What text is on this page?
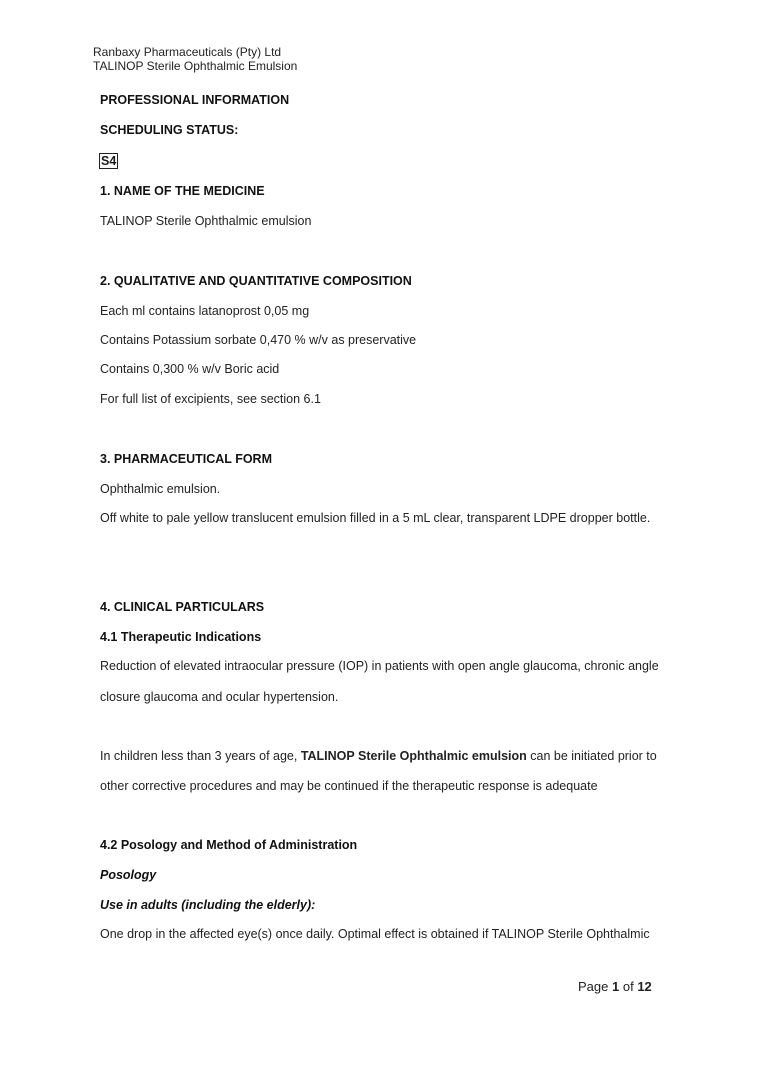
Ranbaxy Pharmaceuticals (Pty) Ltd
TALINOP Sterile Ophthalmic Emulsion
PROFESSIONAL INFORMATION
SCHEDULING STATUS:
S4
1. NAME OF THE MEDICINE
TALINOP Sterile Ophthalmic emulsion
2. QUALITATIVE AND QUANTITATIVE COMPOSITION
Each ml contains latanoprost 0,05 mg
Contains Potassium sorbate 0,470 % w/v as preservative
Contains 0,300 % w/v Boric acid
For full list of excipients, see section 6.1
3. PHARMACEUTICAL FORM
Ophthalmic emulsion.
Off white to pale yellow translucent emulsion filled in a 5 mL clear, transparent LDPE dropper bottle.
4. CLINICAL PARTICULARS
4.1 Therapeutic Indications
Reduction of elevated intraocular pressure (IOP) in patients with open angle glaucoma, chronic angle
closure glaucoma and ocular hypertension.
In children less than 3 years of age, TALINOP Sterile Ophthalmic emulsion can be initiated prior to
other corrective procedures and may be continued if the therapeutic response is adequate
4.2 Posology and Method of Administration
Posology
Use in adults (including the elderly):
One drop in the affected eye(s) once daily. Optimal effect is obtained if TALINOP Sterile Ophthalmic
Page 1 of 12
